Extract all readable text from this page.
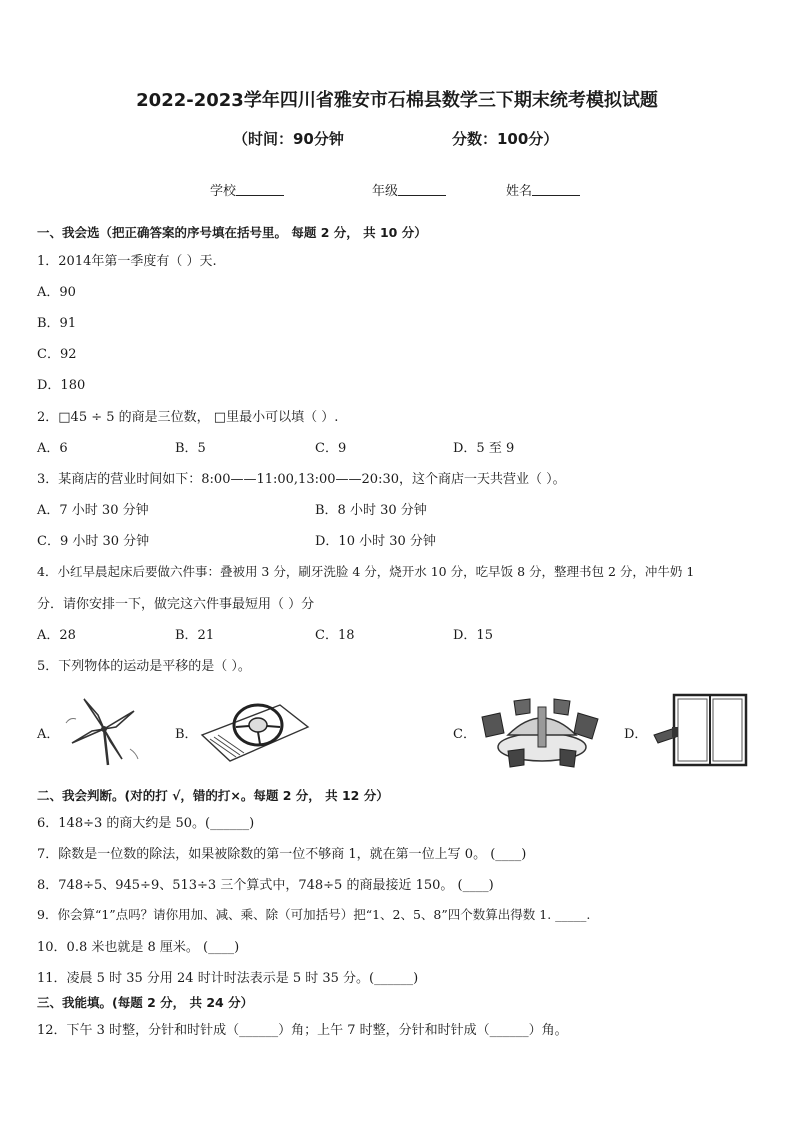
2022-2023学年四川省雅安市石棉县数学三下期末统考模拟试题
（时间：90分钟	分数：100分）
学校	年级	姓名
一、我会选（把正确答案的序号填在括号里。 每题 2 分， 共 10 分）
1．2014年第一季度有（ ）天.
A．90
B．91
C．92
D．180
2．□45 ÷ 5 的商是三位数， □里最小可以填（ ）.
A．6	B．5	C．9	D．5 至 9
3．某商店的营业时间如下：8:00——11:00,13:00——20:30，这个商店一天共营业（ ）。
A．7 小时 30 分钟	B．8 小时 30 分钟
C．9 小时 30 分钟	D．10 小时 30 分钟
4．小红早晨起床后要做六件事：叠被用 3 分，刷牙洗脸 4 分，烧开水 10 分，吃早饭 8 分，整理书包 2 分，冲牛奶 1
分．请你安排一下，做完这六件事最短用（ ）分
A．28	B．21	C．18	D．15
5．下列物体的运动是平移的是（ ）。
A．	B．	C．	D．
二、我会判断。(对的打 √，错的打×。每题 2 分， 共 12 分）
6．148÷3 的商大约是 50。(______)
7．除数是一位数的除法，如果被除数的第一位不够商 1，就在第一位上写 0。 (____)
8．748÷5、945÷9、513÷3 三个算式中，748÷5 的商最接近 150。 (____)
9．你会算“1”点吗？请你用加、减、乘、除（可加括号）把“1、2、5、8”四个数算出得数 1. _____.
10．0.8 米也就是 8 厘米。 (____)
11．凌晨 5 时 35 分用 24 时计时法表示是 5 时 35 分。(______)
三、我能填。(每题 2 分， 共 24 分）
12．下午 3 时整，分针和时针成（______）角；上午 7 时整，分针和时针成（______）角。
